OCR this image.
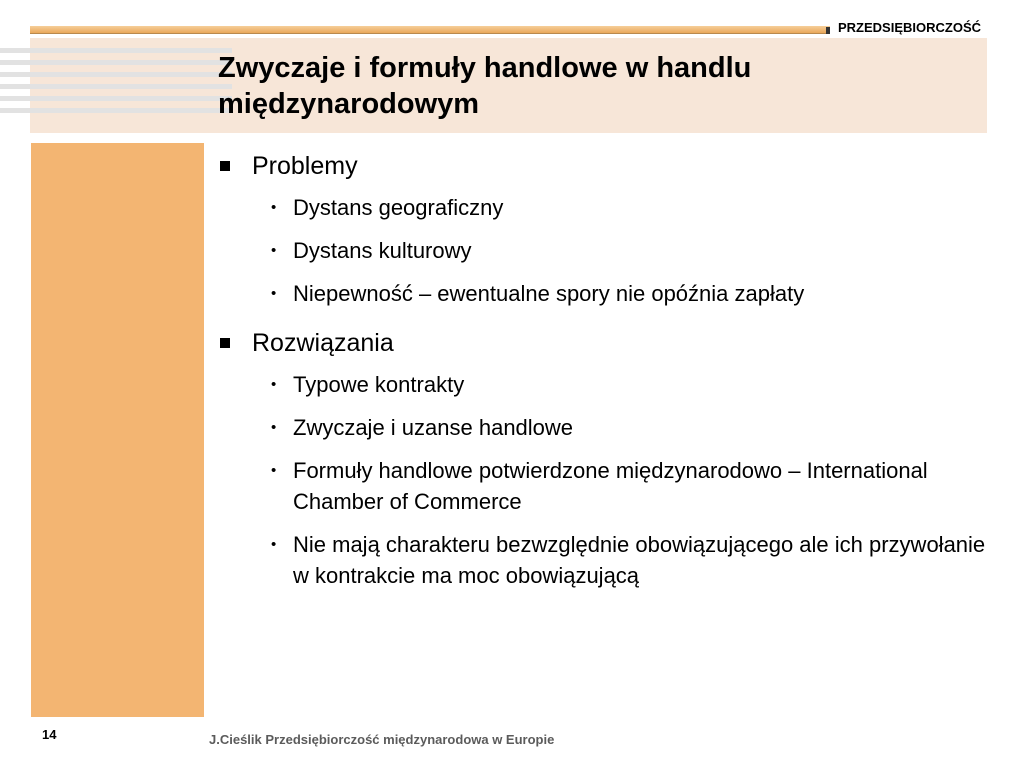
PRZEDSIĘBIORCZOŚĆ
Zwyczaje i formuły handlowe w handlu
międzynarodowym
Problemy
• Dystans geograficzny
• Dystans kulturowy
• Niepewność – ewentualne spory nie opóźnia zapłaty
Rozwiązania
• Typowe kontrakty
• Zwyczaje i uzanse handlowe
• Formuły handlowe potwierdzone międzynarodowo – International Chamber of Commerce
• Nie mają charakteru bezwzględnie obowiązującego ale ich przywołanie w kontrakcie ma moc obowiązującą
14	J.Cieślik Przedsiębiorczość międzynarodowa w Europie
